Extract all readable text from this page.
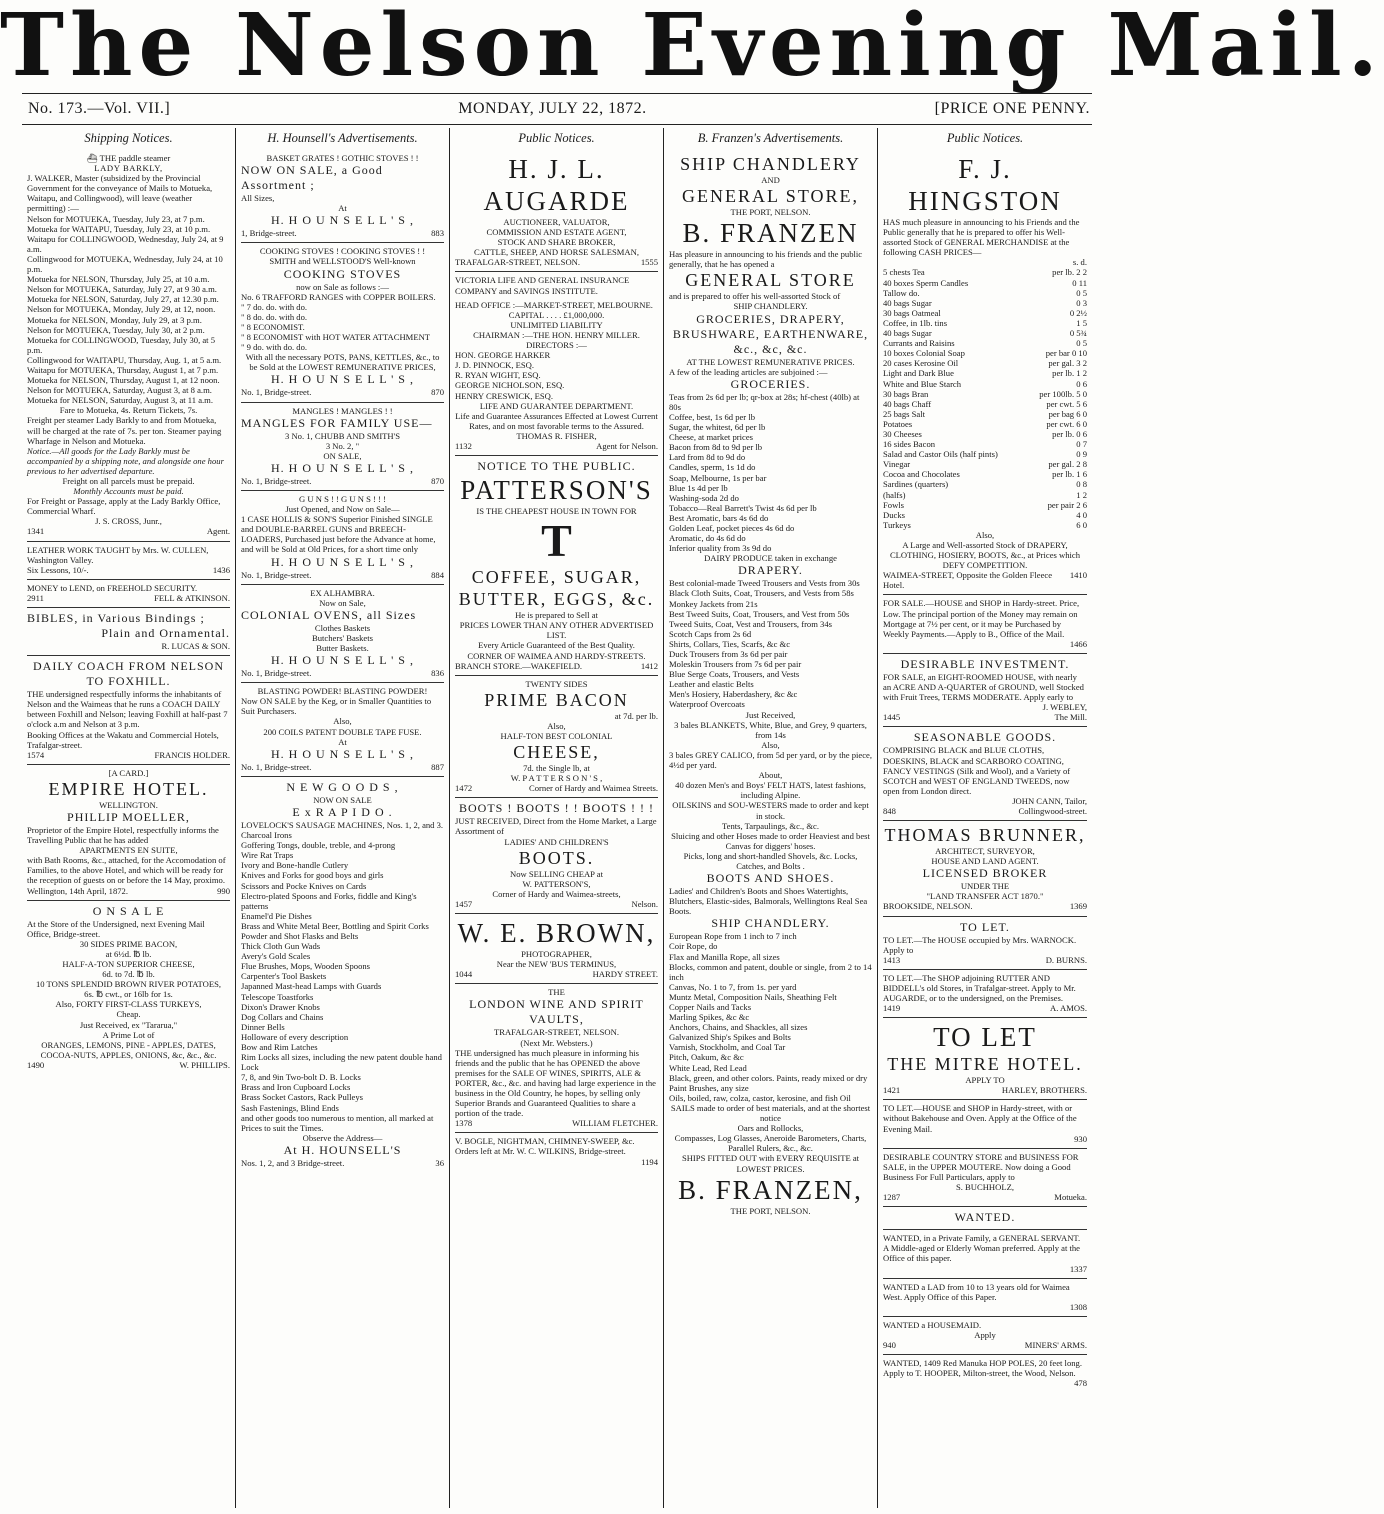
The Nelson Evening Mail.
No. 173.—Vol. VII.]	MONDAY, JULY 22, 1872.	[PRICE ONE PENNY.
Shipping Notices.
⛴ THE paddle steamer
LADY BARKLY,
J. WALKER, Master (subsidized by the Provincial Government for the conveyance of Mails to Motueka, Waitapu, and Collingwood), will leave (weather permitting) :—
Nelson for MOTUEKA, Tuesday, July 23, at 7 p.m.
Motueka for WAITAPU, Tuesday, July 23, at 10 p.m.
Waitapu for COLLINGWOOD, Wednesday, July 24, at 9 a.m.
Collingwood for MOTUEKA, Wednesday, July 24, at 10 p.m.
Motueka for NELSON, Thursday, July 25, at 10 a.m.
Nelson for MOTUEKA, Saturday, July 27, at 9 30 a.m.
Motueka for NELSON, Saturday, July 27, at 12.30 p.m.
Nelson for MOTUEKA, Monday, July 29, at 12, noon.
Motueka for NELSON, Monday, July 29, at 3 p.m.
Nelson for MOTUEKA, Tuesday, July 30, at 2 p.m.
Motueka for COLLINGWOOD, Tuesday, July 30, at 5 p.m.
Collingwood for WAITAPU, Thursday, Aug. 1, at 5 a.m.
Waitapu for MOTUEKA, Thursday, August 1, at 7 p.m.
Motueka for NELSON, Thursday, August 1, at 12 noon.
Nelson for MOTUEKA, Saturday, August 3, at 8 a.m.
Motueka for NELSON, Saturday, August 3, at 11 a.m.
Fare to Motueka, 4s. Return Tickets, 7s.
Freight per steamer Lady Barkly to and from Motueka, will be charged at the rate of 7s. per ton. Steamer paying Wharfage in Nelson and Motueka.
Notice.—All goods for the Lady Barkly must be accompanied by a shipping note, and alongside one hour previous to her advertised departure.
Freight on all parcels must be prepaid.
Monthly Accounts must be paid.
For Freight or Passage, apply at the Lady Barkly Office, Commercial Wharf.
J. S. CROSS, Junr.,
1341	Agent.
LEATHER WORK TAUGHT by Mrs. W. CULLEN, Washington Valley.
Six Lessons, 10/-.	1436
MONEY to LEND, on FREEHOLD SECURITY.
2911	FELL & ATKINSON.
BIBLES, in Various Bindings ;
Plain and Ornamental.
R. LUCAS & SON.
DAILY COACH FROM NELSON TO FOXHILL.
THE undersigned respectfully informs the inhabitants of Nelson and the Waimeas that he runs a COACH DAILY between Foxhill and Nelson; leaving Foxhill at half-past 7 o'clock a.m and Nelson at 3 p.m.
Booking Offices at the Wakatu and Commercial Hotels, Trafalgar-street.
1574	FRANCIS HOLDER.
[A CARD.]
EMPIRE HOTEL.
WELLINGTON.
PHILLIP MOELLER,
Proprietor of the Empire Hotel, respectfully informs the Travelling Public that he has added
APARTMENTS EN SUITE,
with Bath Rooms, &c., attached, for the Accomodation of Families, to the above Hotel, and which will be ready for the reception of guests on or before the 14 May, proximo.
Wellington, 14th April, 1872.	990
O N S A L E
At the Store of the Undersigned, next Evening Mail Office, Bridge-street.
30 SIDES PRIME BACON,
at 6½d. ℔ lb.
HALF-A-TON SUPERIOR CHEESE,
6d. to 7d. ℔ lb.
10 TONS SPLENDID BROWN RIVER POTATOES,
6s. ℔ cwt., or 16lb for 1s.
Also, FORTY FIRST-CLASS TURKEYS,
Cheap.
Just Received, ex "Tararua,"
A Prime Lot of
ORANGES, LEMONS, PINE - APPLES, DATES, COCOA-NUTS, APPLES, ONIONS, &c, &c., &c.
1490	W. PHILLIPS.
H. Hounsell's Advertisements.
BASKET GRATES ! GOTHIC STOVES ! !
NOW ON SALE, a Good Assortment ;
All Sizes,
At
H. H O U N S E L L ' S ,
1, Bridge-street.	883
COOKING STOVES ! COOKING STOVES ! !
SMITH and WELLSTOOD'S Well-known
COOKING STOVES
now on Sale as follows :—
No. 6 TRAFFORD RANGES with COPPER BOILERS.
" 7 do. do. with do.
" 8 do. do. with do.
" 8 ECONOMIST.
" 8 ECONOMIST with HOT WATER ATTACHMENT
" 9 do. with do. do.
With all the necessary POTS, PANS, KETTLES, &c., to be Sold at the LOWEST REMUNERATIVE PRICES,
H. H O U N S E L L ' S ,
No. 1, Bridge-street.	870
MANGLES ! MANGLES ! !
MANGLES FOR FAMILY USE—
3 No. 1, CHUBB AND SMITH'S
3 No. 2, "
ON SALE,
H. H O U N S E L L ' S ,
No. 1, Bridge-street.	870
G U N S ! ! G U N S ! ! !
Just Opened, and Now on Sale—
1 CASE HOLLIS & SON'S Superior Finished SINGLE and DOUBLE-BARREL GUNS and BREECH-LOADERS, Purchased just before the Advance at home, and will be Sold at Old Prices, for a short time only
H. H O U N S E L L ' S ,
No. 1, Bridge-street.	884
EX ALHAMBRA.
Now on Sale,
COLONIAL OVENS, all Sizes
Clothes Baskets
Butchers' Baskets
Butter Baskets.
H. H O U N S E L L ' S ,
No. 1, Bridge-street.	836
BLASTING POWDER! BLASTING POWDER!
Now ON SALE by the Keg, or in Smaller Quantities to Suit Purchasers.
Also,
200 COILS PATENT DOUBLE TAPE FUSE.
At
H. H O U N S E L L ' S ,
No. 1, Bridge-street.	887
N E W G O O D S ,
NOW ON SALE
E x R A P I D O .
LOVELOCK'S SAUSAGE MACHINES, Nos. 1, 2, and 3.
Charcoal Irons
Goffering Tongs, double, treble, and 4-prong
Wire Rat Traps
Ivory and Bone-handle Cutlery
Knives and Forks for good boys and girls
Scissors and Pocke Knives on Cards
Electro-plated Spoons and Forks, fiddle and King's patterns
Enamel'd Pie Dishes
Brass and White Metal Beer, Bottling and Spirit Corks
Powder and Shot Flasks and Belts
Thick Cloth Gun Wads
Avery's Gold Scales
Flue Brushes, Mops, Wooden Spoons
Carpenter's Tool Baskets
Japanned Mast-head Lamps with Guards
Telescope Toastforks
Dixon's Drawer Knobs
Dog Collars and Chains
Dinner Bells
Holloware of every description
Bow and Rim Latches
Rim Locks all sizes, including the new patent double hand Lock
7, 8, and 9in Two-bolt D. B. Locks
Brass and Iron Cupboard Locks
Brass Socket Castors, Rack Pulleys
Sash Fastenings, Blind Ends
and other goods too numerous to mention, all marked at Prices to suit the Times.
Observe the Address—
At H. HOUNSELL'S
Nos. 1, 2, and 3 Bridge-street.	36
Public Notices.
H. J. L. AUGARDE
AUCTIONEER, VALUATOR,
COMMISSION AND ESTATE AGENT,
STOCK AND SHARE BROKER,
CATTLE, SHEEP, AND HORSE SALESMAN,
TRAFALGAR-STREET, NELSON.	1555
VICTORIA LIFE AND GENERAL INSURANCE COMPANY and SAVINGS INSTITUTE.
HEAD OFFICE :—MARKET-STREET, MELBOURNE.
CAPITAL . . . . £1,000,000.
UNLIMITED LIABILITY
CHAIRMAN :—THE HON. HENRY MILLER.
DIRECTORS :—
HON. GEORGE HARKER
J. D. PINNOCK, ESQ.
R. RYAN WIGHT, ESQ.
GEORGE NICHOLSON, ESQ.
HENRY CRESWICK, ESQ.
LIFE AND GUARANTEE DEPARTMENT.
Life and Guarantee Assurances Effected at Lowest Current Rates, and on most favorable terms to the Assured.
THOMAS R. FISHER,
1132	Agent for Nelson.
NOTICE TO THE PUBLIC.
PATTERSON'S
IS THE CHEAPEST HOUSE IN TOWN FOR
T
COFFEE, SUGAR,
BUTTER, EGGS, &c.
He is prepared to Sell at
PRICES LOWER THAN ANY OTHER ADVERTISED LIST.
Every Article Guaranteed of the Best Quality.
CORNER OF WAIMEA AND HARDY-STREETS.
BRANCH STORE.—WAKEFIELD.	1412
TWENTY SIDES
PRIME BACON
at 7d. per lb.
Also,
HALF-TON BEST COLONIAL
CHEESE,
7d. the Single lb, at
W. P A T T E R S O N ' S ,
1472	Corner of Hardy and Waimea Streets.
BOOTS ! BOOTS ! ! BOOTS ! ! !
JUST RECEIVED, Direct from the Home Market, a Large Assortment of
LADIES' AND CHILDREN'S
BOOTS.
Now SELLING CHEAP at
W. PATTERSON'S,
Corner of Hardy and Waimea-streets,
1457	Nelson.
W. E. BROWN,
PHOTOGRAPHER,
Near the NEW 'BUS TERMINUS,
1044	HARDY STREET.
THE
LONDON WINE AND SPIRIT VAULTS,
TRAFALGAR-STREET, NELSON.
(Next Mr. Websters.)
THE undersigned has much pleasure in informing his friends and the public that he has OPENED the above premises for the SALE OF WINES, SPIRITS, ALE & PORTER, &c., &c. and having had large experience in the business in the Old Country, he hopes, by selling only Superior Brands and Guaranteed Qualities to share a portion of the trade.
1378	WILLIAM FLETCHER.
V. BOGLE, NIGHTMAN, CHIMNEY-SWEEP, &c. Orders left at Mr. W. C. WILKINS, Bridge-street.
1194
B. Franzen's Advertisements.
SHIP CHANDLERY
AND
GENERAL STORE,
THE PORT, NELSON.
B. FRANZEN
Has pleasure in announcing to his friends and the public generally, that he has opened a
GENERAL STORE
and is prepared to offer his well-assorted Stock of
SHIP CHANDLERY.
GROCERIES, DRAPERY, BRUSHWARE, EARTHENWARE, &c., &c, &c.
AT THE LOWEST REMUNERATIVE PRICES.
A few of the leading articles are subjoined :—
GROCERIES.
Teas from 2s 6d per lb; qr-box at 28s; hf-chest (40lb) at 80s
Coffee, best, 1s 6d per lb
Sugar, the whitest, 6d per lb
Cheese, at market prices
Bacon from 8d to 9d per lb
Lard from 8d to 9d do
Candles, sperm, 1s 1d do
Soap, Melbourne, 1s per bar
Blue 1s 4d per lb
Washing-soda 2d do
Tobacco—Real Barrett's Twist 4s 6d per lb
Best Aromatic, bars 4s 6d do
Golden Leaf, pocket pieces 4s 6d do
Aromatic, do 4s 6d do
Inferior quality from 3s 9d do
DAIRY PRODUCE taken in exchange
DRAPERY.
Best colonial-made Tweed Trousers and Vests from 30s
Black Cloth Suits, Coat, Trousers, and Vests from 58s
Monkey Jackets from 21s
Best Tweed Suits, Coat, Trousers, and Vest from 50s
Tweed Suits, Coat, Vest and Trousers, from 34s
Scotch Caps from 2s 6d
Shirts, Collars, Ties, Scarfs, &c &c
Duck Trousers from 3s 6d per pair
Moleskin Trousers from 7s 6d per pair
Blue Serge Coats, Trousers, and Vests
Leather and elastic Belts
Men's Hosiery, Haberdashery, &c &c
Waterproof Overcoats
Just Received,
3 bales BLANKETS, White, Blue, and Grey, 9 quarters, from 14s
Also,
3 bales GREY CALICO, from 5d per yard, or by the piece, 4½d per yard.
About,
40 dozen Men's and Boys' FELT HATS, latest fashions, including Alpine.
OILSKINS and SOU-WESTERS made to order and kept in stock.
Tents, Tarpaulings, &c., &c.
Sluicing and other Hoses made to order Heaviest and best Canvas for diggers' hoses.
Picks, long and short-handled Shovels, &c. Locks, Catches, and Bolts .
BOOTS AND SHOES.
Ladies' and Children's Boots and Shoes Watertights, Blutchers, Elastic-sides, Balmorals, Wellingtons Real Sea Boots.
SHIP CHANDLERY.
European Rope from 1 inch to 7 inch
Coir Rope, do
Flax and Manilla Rope, all sizes
Blocks, common and patent, double or single, from 2 to 14 inch
Canvas, No. 1 to 7, from 1s. per yard
Muntz Metal, Composition Nails, Sheathing Felt
Copper Nails and Tacks
Marling Spikes, &c &c
Anchors, Chains, and Shackles, all sizes
Galvanized Ship's Spikes and Bolts
Varnish, Stockholm, and Coal Tar
Pitch, Oakum, &c &c
White Lead, Red Lead
Black, green, and other colors. Paints, ready mixed or dry
Paint Brushes, any size
Oils, boiled, raw, colza, castor, kerosine, and fish Oil
SAILS made to order of best materials, and at the shortest notice
Oars and Rollocks,
Compasses, Log Glasses, Aneroide Barometers, Charts, Parallel Rulers, &c., &c.
SHIPS FITTED OUT with EVERY REQUISITE at LOWEST PRICES.
B. FRANZEN,
THE PORT, NELSON.
Public Notices.
F. J. HINGSTON
HAS much pleasure in announcing to his Friends and the Public generally that he is prepared to offer his Well-assorted Stock of GENERAL MERCHANDISE at the following CASH PRICES—
s. d.
5 chests Tea	per lb. 2 2
40 boxes Sperm Candles	0 11
Tallow do.	0 5
40 bags Sugar	0 3
30 bags Oatmeal	0 2½
Coffee, in 1lb. tins	1 5
40 bags Sugar	0 5¾
Currants and Raisins	0 5
10 boxes Colonial Soap	per bar 0 10
20 cases Kerosine Oil	per gal. 3 2
Light and Dark Blue	per lb. 1 2
White and Blue Starch	0 6
30 bags Bran	per 100lb. 5 0
40 bags Chaff	per cwt. 5 6
25 bags Salt	per bag 6 0
Potatoes	per cwt. 6 0
30 Cheeses	per lb. 0 6
16 sides Bacon	0 7
Salad and Castor Oils (half pints)	0 9
Vinegar	per gal. 2 8
Cocoa and Chocolates	per lb. 1 6
Sardines (quarters)	0 8
(halfs)	1 2
Fowls	per pair 2 6
Ducks	4 0
Turkeys	6 0
Also,
A Large and Well-assorted Stock of DRAPERY, CLOTHING, HOSIERY, BOOTS, &c., at Prices which DEFY COMPETITION.
WAIMEA-STREET, Opposite the Golden Fleece Hotel.
1410
FOR SALE.—HOUSE and SHOP in Hardy-street. Price, Low. The principal portion of the Money may remain on Mortgage at 7½ per cent, or it may be Purchased by Weekly Payments.—Apply to B., Office of the Mail.
1466
DESIRABLE INVESTMENT.
FOR SALE, an EIGHT-ROOMED HOUSE, with nearly an ACRE AND A-QUARTER of GROUND, well Stocked with Fruit Trees, TERMS MODERATE. Apply early to
J. WEBLEY,
1445	The Mill.
SEASONABLE GOODS.
COMPRISING BLACK and BLUE CLOTHS, DOESKINS, BLACK and SCARBORO COATING, FANCY VESTINGS (Silk and Wool), and a Variety of SCOTCH and WEST OF ENGLAND TWEEDS, now open from London direct.
JOHN CANN, Tailor,
848	Collingwood-street.
THOMAS BRUNNER,
ARCHITECT, SURVEYOR,
HOUSE AND LAND AGENT.
LICENSED BROKER
UNDER THE
"LAND TRANSFER ACT 1870."
BROOKSIDE, NELSON.	1369
TO LET.
TO LET.—The HOUSE occupied by Mrs. WARNOCK. Apply to
1413	D. BURNS.
TO LET.—The SHOP adjoining RUTTER AND BIDDELL's old Stores, in Trafalgar-street. Apply to Mr. AUGARDE, or to the undersigned, on the Premises.
1419	A. AMOS.
TO LET
THE MITRE HOTEL.
APPLY TO
1421	HARLEY, BROTHERS.
TO LET.—HOUSE and SHOP in Hardy-street, with or without Bakehouse and Oven. Apply at the Office of the Evening Mail.
930
DESIRABLE COUNTRY STORE and BUSINESS FOR SALE, in the UPPER MOUTERE. Now doing a Good Business For Full Particulars, apply to
S. BUCHHOLZ,
1287	Motueka.
WANTED.
WANTED, in a Private Family, a GENERAL SERVANT. A Middle-aged or Elderly Woman preferred. Apply at the Office of this paper.
1337
WANTED a LAD from 10 to 13 years old for Waimea West. Apply Office of this Paper.
1308
WANTED a HOUSEMAID.
Apply
940	MINERS' ARMS.
WANTED, 1409 Red Manuka HOP POLES, 20 feet long. Apply to T. HOOPER, Milton-street, the Wood, Nelson.
478
